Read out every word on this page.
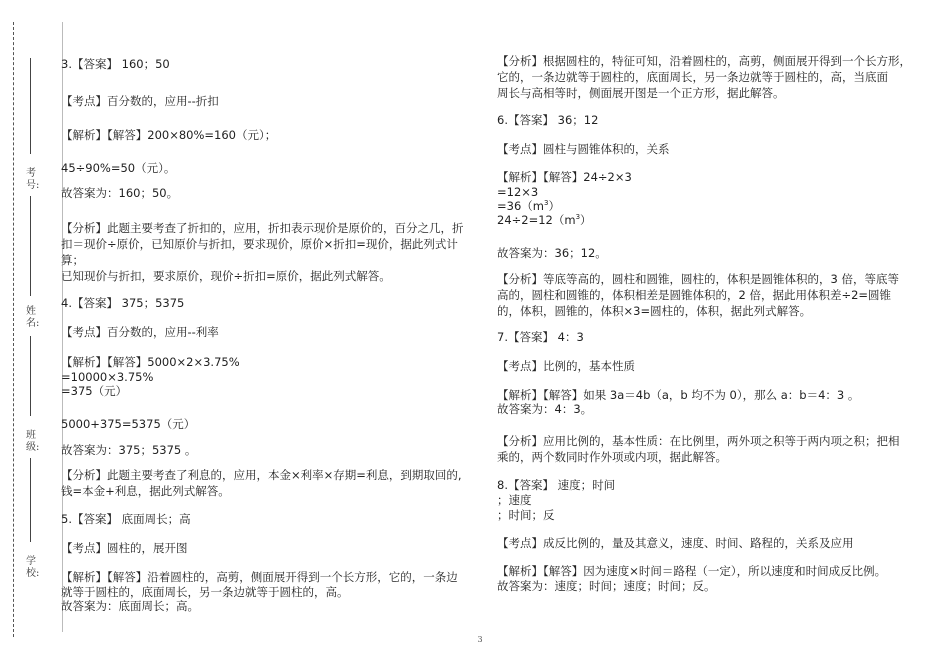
考号:
姓名:
班级:
学校:
3.【答案】 160；50
【考点】百分数的，应用--折扣
【解析】【解答】200×80%=160（元）；
45÷90%=50（元）。
故答案为：160；50。
【分析】此题主要考查了折扣的，应用，折扣表示现价是原价的，百分之几，折
扣＝现价÷原价，已知原价与折扣，要求现价，原价×折扣=现价，据此列式计
算；
已知现价与折扣，要求原价，现价÷折扣=原价，据此列式解答。
4.【答案】 375；5375
【考点】百分数的，应用--利率
【解析】【解答】5000×2×3.75%
=10000×3.75%
=375（元）
5000+375=5375（元）
故答案为：375；5375 。
【分析】此题主要考查了利息的，应用，本金×利率×存期=利息，到期取回的,
钱=本金+利息，据此列式解答。
5.【答案】 底面周长；高
【考点】圆柱的，展开图
【解析】【解答】沿着圆柱的，高剪，侧面展开得到一个长方形，它的，一条边
就等于圆柱的，底面周长，另一条边就等于圆柱的，高。
故答案为：底面周长；高。
【分析】根据圆柱的，特征可知，沿着圆柱的，高剪，侧面展开得到一个长方形，
它的，一条边就等于圆柱的，底面周长，另一条边就等于圆柱的，高，当底面
周长与高相等时，侧面展开图是一个正方形，据此解答。
6.【答案】 36；12
【考点】圆柱与圆锥体积的，关系
【解析】【解答】24÷2×3
=12×3
$=36(m^3)$
$24\div 2=12(m^3)$
故答案为：36；12。
【分析】等底等高的，圆柱和圆锥，圆柱的，体积是圆锥体积的，3 倍，等底等
高的，圆柱和圆锥的，体积相差是圆锥体积的，2 倍，据此用体积差÷2=圆锥
的，体积，圆锥的，体积×3=圆柱的，体积，据此列式解答。
7.【答案】 4：3
【考点】比例的，基本性质
【解析】【解答】如果 3a＝4b（a，b 均不为 0），那么 a：b＝4：3 。
故答案为：4：3。
【分析】应用比例的，基本性质：在比例里，两外项之积等于两内项之积；把相
乘的，两个数同时作外项或内项，据此解答。
8.【答案】 速度；时间
；速度
；时间；反
【考点】成反比例的，量及其意义，速度、时间、路程的，关系及应用
【解析】【解答】因为速度×时间＝路程（一定），所以速度和时间成反比例。
故答案为：速度；时间；速度；时间；反。
3
